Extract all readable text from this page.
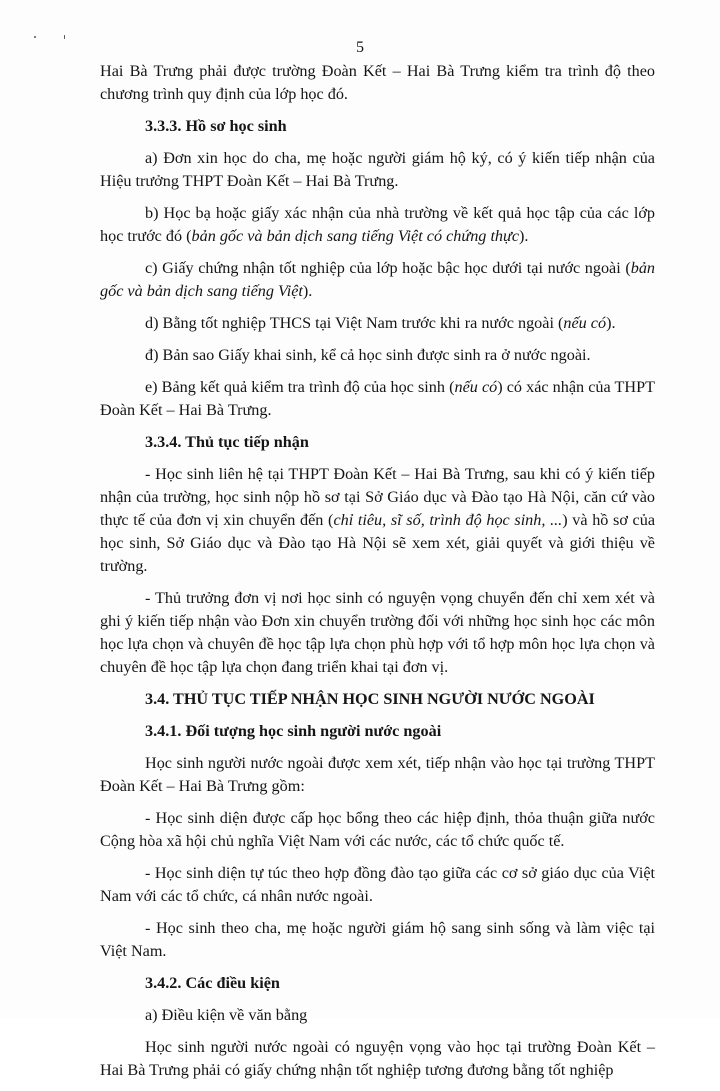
5

Hai Bà Trưng phải được trường Đoàn Kết – Hai Bà Trưng kiểm tra trình độ theo chương trình quy định của lớp học đó.

3.3.3. Hồ sơ học sinh

a) Đơn xin học do cha, mẹ hoặc người giám hộ ký, có ý kiến tiếp nhận của Hiệu trưởng THPT Đoàn Kết – Hai Bà Trưng.

b) Học bạ hoặc giấy xác nhận của nhà trường về kết quả học tập của các lớp học trước đó (bản gốc và bản dịch sang tiếng Việt có chứng thực).

c) Giấy chứng nhận tốt nghiệp của lớp hoặc bậc học dưới tại nước ngoài (bản gốc và bản dịch sang tiếng Việt).

d) Bằng tốt nghiệp THCS tại Việt Nam trước khi ra nước ngoài (nếu có).

đ) Bản sao Giấy khai sinh, kể cả học sinh được sinh ra ở nước ngoài.

e) Bảng kết quả kiểm tra trình độ của học sinh (nếu có) có xác nhận của THPT Đoàn Kết – Hai Bà Trưng.

3.3.4. Thủ tục tiếp nhận

- Học sinh liên hệ tại THPT Đoàn Kết – Hai Bà Trưng, sau khi có ý kiến tiếp nhận của trường, học sinh nộp hồ sơ tại Sở Giáo dục và Đào tạo Hà Nội, căn cứ vào thực tế của đơn vị xin chuyển đến (chỉ tiêu, sĩ số, trình độ học sinh, ...) và hồ sơ của học sinh, Sở Giáo dục và Đào tạo Hà Nội sẽ xem xét, giải quyết và giới thiệu về trường.

- Thủ trưởng đơn vị nơi học sinh có nguyện vọng chuyển đến chỉ xem xét và ghi ý kiến tiếp nhận vào Đơn xin chuyển trường đối với những học sinh học các môn học lựa chọn và chuyên đề học tập lựa chọn phù hợp với tổ hợp môn học lựa chọn và chuyên đề học tập lựa chọn đang triển khai tại đơn vị.

3.4. THỦ TỤC TIẾP NHẬN HỌC SINH NGƯỜI NƯỚC NGOÀI
3.4.1. Đối tượng học sinh người nước ngoài

Học sinh người nước ngoài được xem xét, tiếp nhận vào học tại trường THPT Đoàn Kết – Hai Bà Trưng gồm:

- Học sinh diện được cấp học bổng theo các hiệp định, thỏa thuận giữa nước Cộng hòa xã hội chủ nghĩa Việt Nam với các nước, các tổ chức quốc tế.

- Học sinh diện tự túc theo hợp đồng đào tạo giữa các cơ sở giáo dục của Việt Nam với các tổ chức, cá nhân nước ngoài.

- Học sinh theo cha, mẹ hoặc người giám hộ sang sinh sống và làm việc tại Việt Nam.

3.4.2. Các điều kiện

a) Điều kiện về văn bằng

Học sinh người nước ngoài có nguyện vọng vào học tại trường Đoàn Kết – Hai Bà Trưng phải có giấy chứng nhận tốt nghiệp tương đương bằng tốt nghiệp
